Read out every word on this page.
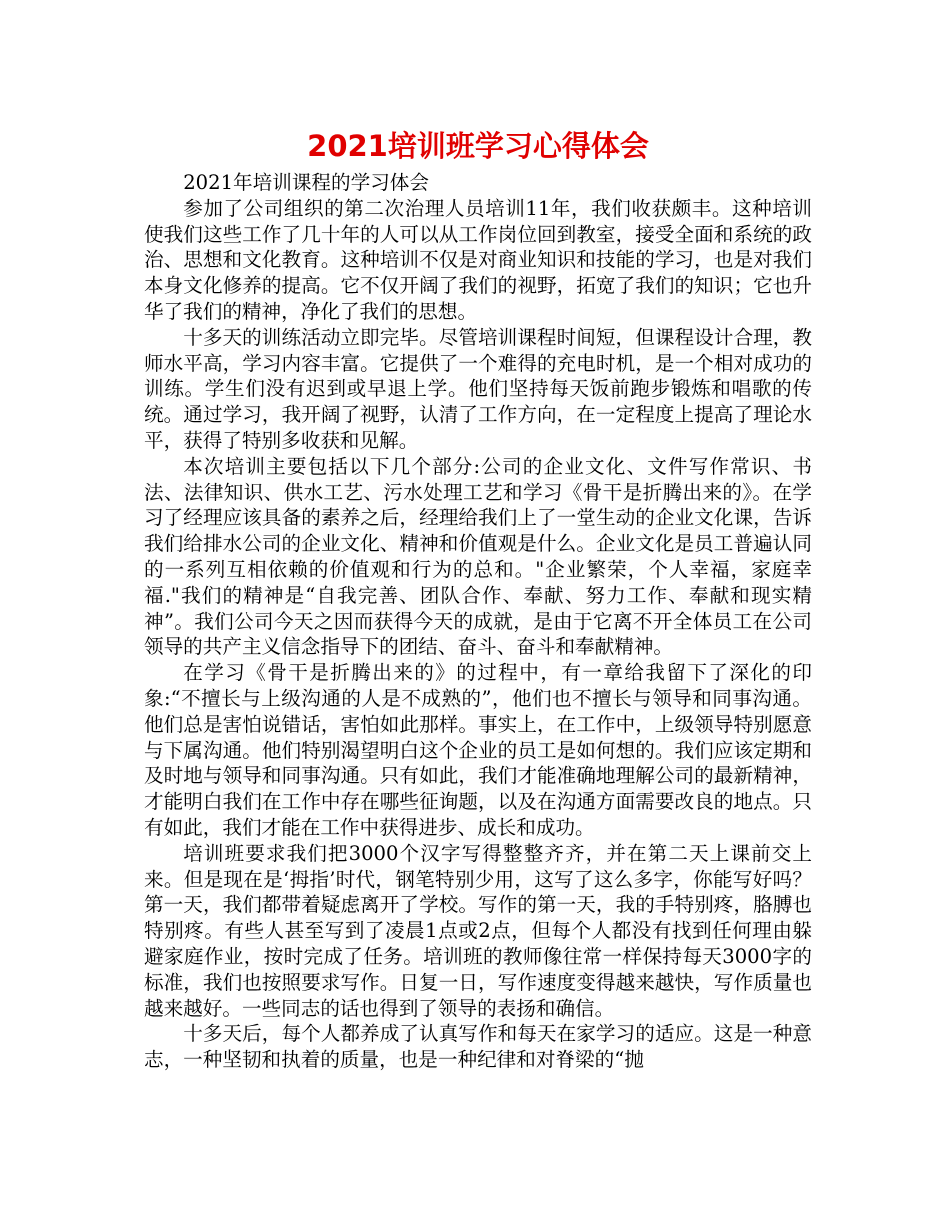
2021培训班学习心得体会

2021年培训课程的学习体会

参加了公司组织的第二次治理人员培训11年，我们收获颇丰。这种培训使我们这些工作了几十年的人可以从工作岗位回到教室，接受全面和系统的政治、思想和文化教育。这种培训不仅是对商业知识和技能的学习，也是对我们本身文化修养的提高。它不仅开阔了我们的视野，拓宽了我们的知识；它也升华了我们的精神，净化了我们的思想。

十多天的训练活动立即完毕。尽管培训课程时间短，但课程设计合理，教师水平高，学习内容丰富。它提供了一个难得的充电时机，是一个相对成功的训练。学生们没有迟到或早退上学。他们坚持每天饭前跑步锻炼和唱歌的传统。通过学习，我开阔了视野，认清了工作方向，在一定程度上提高了理论水平，获得了特别多收获和见解。

本次培训主要包括以下几个部分:公司的企业文化、文件写作常识、书法、法律知识、供水工艺、污水处理工艺和学习《骨干是折腾出来的》。在学习了经理应该具备的素养之后，经理给我们上了一堂生动的企业文化课，告诉我们给排水公司的企业文化、精神和价值观是什么。企业文化是员工普遍认同的一系列互相依赖的价值观和行为的总和。"企业繁荣，个人幸福，家庭幸福."我们的精神是“自我完善、团队合作、奉献、努力工作、奉献和现实精神”。我们公司今天之因而获得今天的成就，是由于它离不开全体员工在公司领导的共产主义信念指导下的团结、奋斗、奋斗和奉献精神。

在学习《骨干是折腾出来的》的过程中，有一章给我留下了深化的印象:“不擅长与上级沟通的人是不成熟的”，他们也不擅长与领导和同事沟通。他们总是害怕说错话，害怕如此那样。事实上，在工作中，上级领导特别愿意与下属沟通。他们特别渴望明白这个企业的员工是如何想的。我们应该定期和及时地与领导和同事沟通。只有如此，我们才能准确地理解公司的最新精神，才能明白我们在工作中存在哪些征询题，以及在沟通方面需要改良的地点。只有如此，我们才能在工作中获得进步、成长和成功。

培训班要求我们把3000个汉字写得整整齐齐，并在第二天上课前交上来。但是现在是‘拇指’时代，钢笔特别少用，这写了这么多字，你能写好吗？第一天，我们都带着疑虑离开了学校。写作的第一天，我的手特别疼，胳膊也特别疼。有些人甚至写到了凌晨1点或2点，但每个人都没有找到任何理由躲避家庭作业，按时完成了任务。培训班的教师像往常一样保持每天3000字的标准，我们也按照要求写作。日复一日，写作速度变得越来越快，写作质量也越来越好。一些同志的话也得到了领导的表扬和确信。

十多天后，每个人都养成了认真写作和每天在家学习的适应。这是一种意志，一种坚韧和执着的质量，也是一种纪律和对脊梁的“抛
